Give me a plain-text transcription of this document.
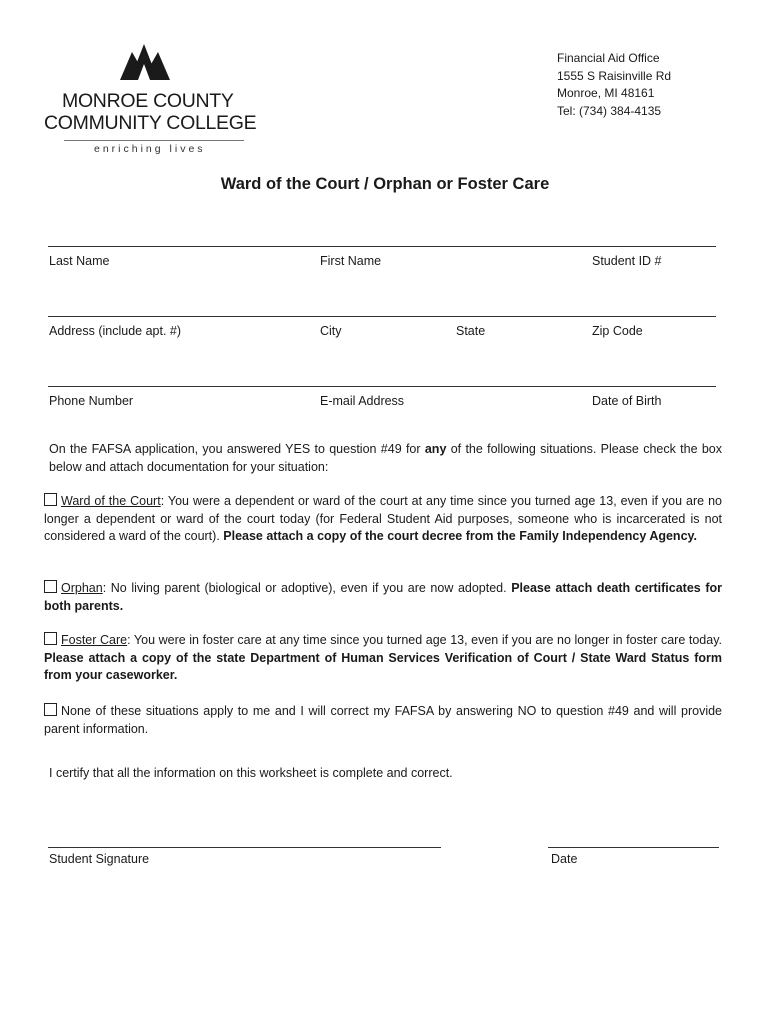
MONROE COUNTY
COMMUNITY COLLEGE
enriching lives
Financial Aid Office
1555 S Raisinville Rd
Monroe, MI 48161
Tel: (734) 384-4135
Ward of the Court / Orphan or Foster Care
Last Name	First Name	Student ID #
Address (include apt. #)	City	State	Zip Code
Phone Number	E-mail Address	Date of Birth
On the FAFSA application, you answered YES to question #49 for any of the following situations. Please check the box below and attach documentation for your situation:
Ward of the Court: You were a dependent or ward of the court at any time since you turned age 13, even if you are no longer a dependent or ward of the court today (for Federal Student Aid purposes, someone who is incarcerated is not considered a ward of the court). Please attach a copy of the court decree from the Family Independency Agency.
Orphan: No living parent (biological or adoptive), even if you are now adopted. Please attach death certificates for both parents.
Foster Care: You were in foster care at any time since you turned age 13, even if you are no longer in foster care today. Please attach a copy of the state Department of Human Services Verification of Court / State Ward Status form from your caseworker.
None of these situations apply to me and I will correct my FAFSA by answering NO to question #49 and will provide parent information.
I certify that all the information on this worksheet is complete and correct.
Student Signature	Date
